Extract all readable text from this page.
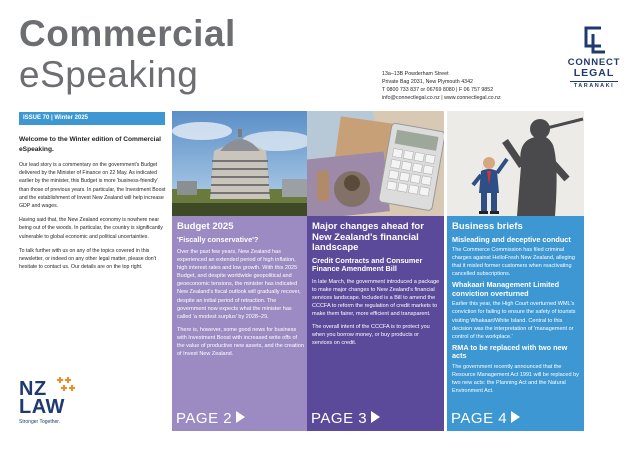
Commercial
eSpeaking	13a–13B Powderham Street
Private Bag 2031, New Plymouth 4342
T 0800 733 837 or 06769 8080 | F 06 757 9852
info@connectlegal.co.nz | www.connectlegal.co.nz
CONNECT
LEGAL
TARANAKI
ISSUE 70 | Winter 2025
Welcome to the Winter edition of Commercial eSpeaking.

Our lead story is a commentary on the government's Budget delivered by the Minister of Finance on 22 May. As indicated earlier by the minister, this Budget is more 'business-friendly' than those of previous years. In particular, the Investment Boost and the establishment of Invest New Zealand will help increase GDP and wages.

Having said that, the New Zealand economy is nowhere near being out of the woods. In particular, the country is significantly vulnerable to global economic and political uncertainties.

To talk further with us on any of the topics covered in this newsletter, or indeed on any other legal matter, please don't hesitate to contact us. Our details are on the top right.

NZ
LAW
Stronger Together.
Budget 2025
'Fiscally conservative'?

Over the past few years, New Zealand has experienced an extended period of high inflation, high interest rates and low growth. With this 2025 Budget, and despite worldwide geopolitical and geoeconomic tensions, the minister has indicated New Zealand's fiscal outlook will gradually recover, despite an initial period of retraction. The government now expects what the minister has called 'a modest surplus' by 2028–29.

There is, however, some good news for business with Investment Boost with increased write offs of the value of productive new assets, and the creation of Invest New Zealand.

PAGE 2
Major changes ahead for New Zealand's financial landscape
Credit Contracts and Consumer Finance Amendment Bill

In late March, the government introduced a package to make major changes to New Zealand's financial services landscape. Included is a Bill to amend the CCCFA to reform the regulation of credit markets to make them fairer, more efficient and transparent.

The overall intent of the CCCFA is to protect you when you borrow money, or buy products or services on credit.

PAGE 3
Business briefs
Misleading and deceptive conduct

The Commerce Commission has filed criminal charges against HelloFresh New Zealand, alleging that it misled former customers when reactivating cancelled subscriptions.

Whakaari Management Limited conviction overturned

Earlier this year, the High Court overturned WML's conviction for failing to ensure the safety of tourists visiting Whakaari/White Island. Central to this decision was the interpretation of 'management or control of the workplace.'

RMA to be replaced with two new acts

The government recently announced that the Resource Management Act 1991 will be replaced by two new acts: the Planning Act and the Natural Environment Act.

PAGE 4
